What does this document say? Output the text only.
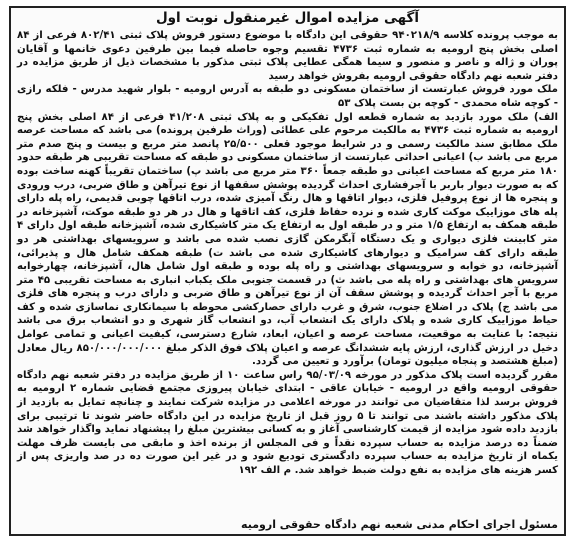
آگهی مزایده اموال غیرمنقول نوبت اول

به موجب پرونده کلاسه ۹۴۰۲۱۸/۹ حقوقی این دادگاه با موضوع دستور فروش پلاک ثبتی ۸۰۲/۴۱ فرعی از ۸۴ اصلی بخش پنج ارومیه به شماره ثبت ۴۷۳۶ تقسیم وجوه حاصله فیما بین طرفین دعوی خانمها و آقایان پوران و ژاله و ناصر و منصور و سیما همگی عطایی پلاک ثبتی مذکور با مشخصات ذیل از طریق مزایده در دفتر شعبه نهم دادگاه حقوقی ارومیه بفروش خواهد رسید

ملک مورد فروش عبارتست از ساختمان مسکونی دو طبقه به آدرس ارومیه - بلوار شهید مدرس - فلکه رازی - کوچه شاه محمدی - کوچه بن بست پلاک ۵۳

الف) ملک مورد بازدید به شماره قطعه اول تفکیکی و به پلاک ثبتی ۴۱/۲۰۸ فرعی از ۸۴ اصلی بخش پنج ارومیه به شماره ثبت ۴۷۳۶ به مالکیت مرحوم علی عطائی (وراث طرفین پرونده) می باشد که مساحت عرصه ملک مطابق سند مالکیت رسمی و در شرایط موجود قعلی ۲۵/۵۰۰ پانصد متر مربع و بیست و پنج صدم متر مربع می باشد ب) اعیانی احداثی عبارتست از ساختمان مسکونی دو طبقه که مساحت تقریبی هر طبقه حدود ۱۸۰ متر مربع که مساحت اعیانی دو طبقه جمعاً ۳۶۰ متر مربع می باشد پ) ساختمان تقریباً کهنه ساخت بوده که به صورت دیوار باربر با آجرفشاری احداث گردیده پوشش سقفها از نوع تیرآهن و طاق ضربی، درب ورودی و پنجره ها از نوع پروفیل فلزی، دیوار اتاقها و هال رنگ آمیزی شده، درب اتاقها چوبی قدیمی، راه پله دارای پله های موزاییک موکت کاری شده و نرده حفاظ فلزی، کف اتاقها و هال در هر دو طبقه موکت، آشپزخانه در طبقه همکف به ارتفاع ۱/۵ متر و در طبقه اول به ارتفاع یک متر کاشیکاری شده، آشپزخانه طبقه اول دارای ۴ متر کابینت فلزی دیواری و یک دستگاه آبگرمکن گازی نصب شده می باشد و سرویسهای بهداشتی هر دو طبقه دارای کف سرامیک و دیوارهای کاشیکاری شده می باشد ت) طبقه همکف شامل هال و پذیرائی، آشپزخانه، دو خوابه و سرویسهای بهداشتی و راه پله بوده و طبقه اول شامل هال، آشپزخانه، چهارخوابه سرویس های بهداشتی و راه پله می باشد ث) در قسمت جنوبی ملک یکباب انباری به مساحت تقریبی ۴۵ متر مربع با آجر احداث گردیده و پوشش سقف آن از نوع تیرآهن و طاق ضربی و دارای درب و پنجره های فلزی می باشد ج) پلاک در اضلاع جنوب، شرق و غرب دارای حصارکشی محوطه با سیمانکاری نماسازی شده و کف حیاط موزاییک کاری شده و پلاک دارای یک انشعاب آب، دو انشعاب گاز شهری و دو انشعاب برق می باشد نتیجه: با عنایت به موقعیت، مساحت عرصه و اعیان، ابعاد، شارع دسترسی، کیفیت اعیانی و تمامی عوامل دخیل در ارزش گذاری، ارزش پایه ششدانگ عرصه و اعیان پلاک فوق الذکر مبلغ ۸۵۰/۰۰۰/۰۰۰/۰۰۰ ریال معادل (مبلغ هشتصد و پنجاه میلیون تومان) برآورد و تعیین می گردد.

مقرر گردیده است پلاک مذکور در مورخه ۹۵/۰۳/۰۹ راس ساعت ۱۰ از طریق مزایده در دفتر شعبه نهم دادگاه حقوقی ارومیه واقع در ارومیه - خیابان عاقی - ابتدای خیابان پیروزی مجتمع قضایی شماره ۲ ارومیه به فروش برسد لذا متقاضیان می توانند در مورخه اعلامی در مزایده شرکت نمایند و چنانچه تمایل به بازدید از پلاک مذکور داشته باشند می توانند تا ۵ روز قبل از تاریخ مزایده در این دادگاه حاضر شوند تا ترتیبی برای بازدید داده شود مزایده از قیمت کارشناسی آغاز و به کسانی بیشترین مبلغ را پیشنهاد نماید واگذار خواهد شد ضمناً ده درصد مزایده به حساب سپرده نقداً و فی المجلس از برنده اخذ و مابقی می بایست ظرف مهلت یکماه از تاریخ مزایده به حساب سپرده دادگستری تودیع شود و در غیر این صورت ده در صد واریزی پس از کسر هزینه های مزایده به نفع دولت ضبط خواهد شد. م الف ۱۹۲

مسئول اجرای احکام مدنی شعبه نهم دادگاه حقوقی ارومیه
